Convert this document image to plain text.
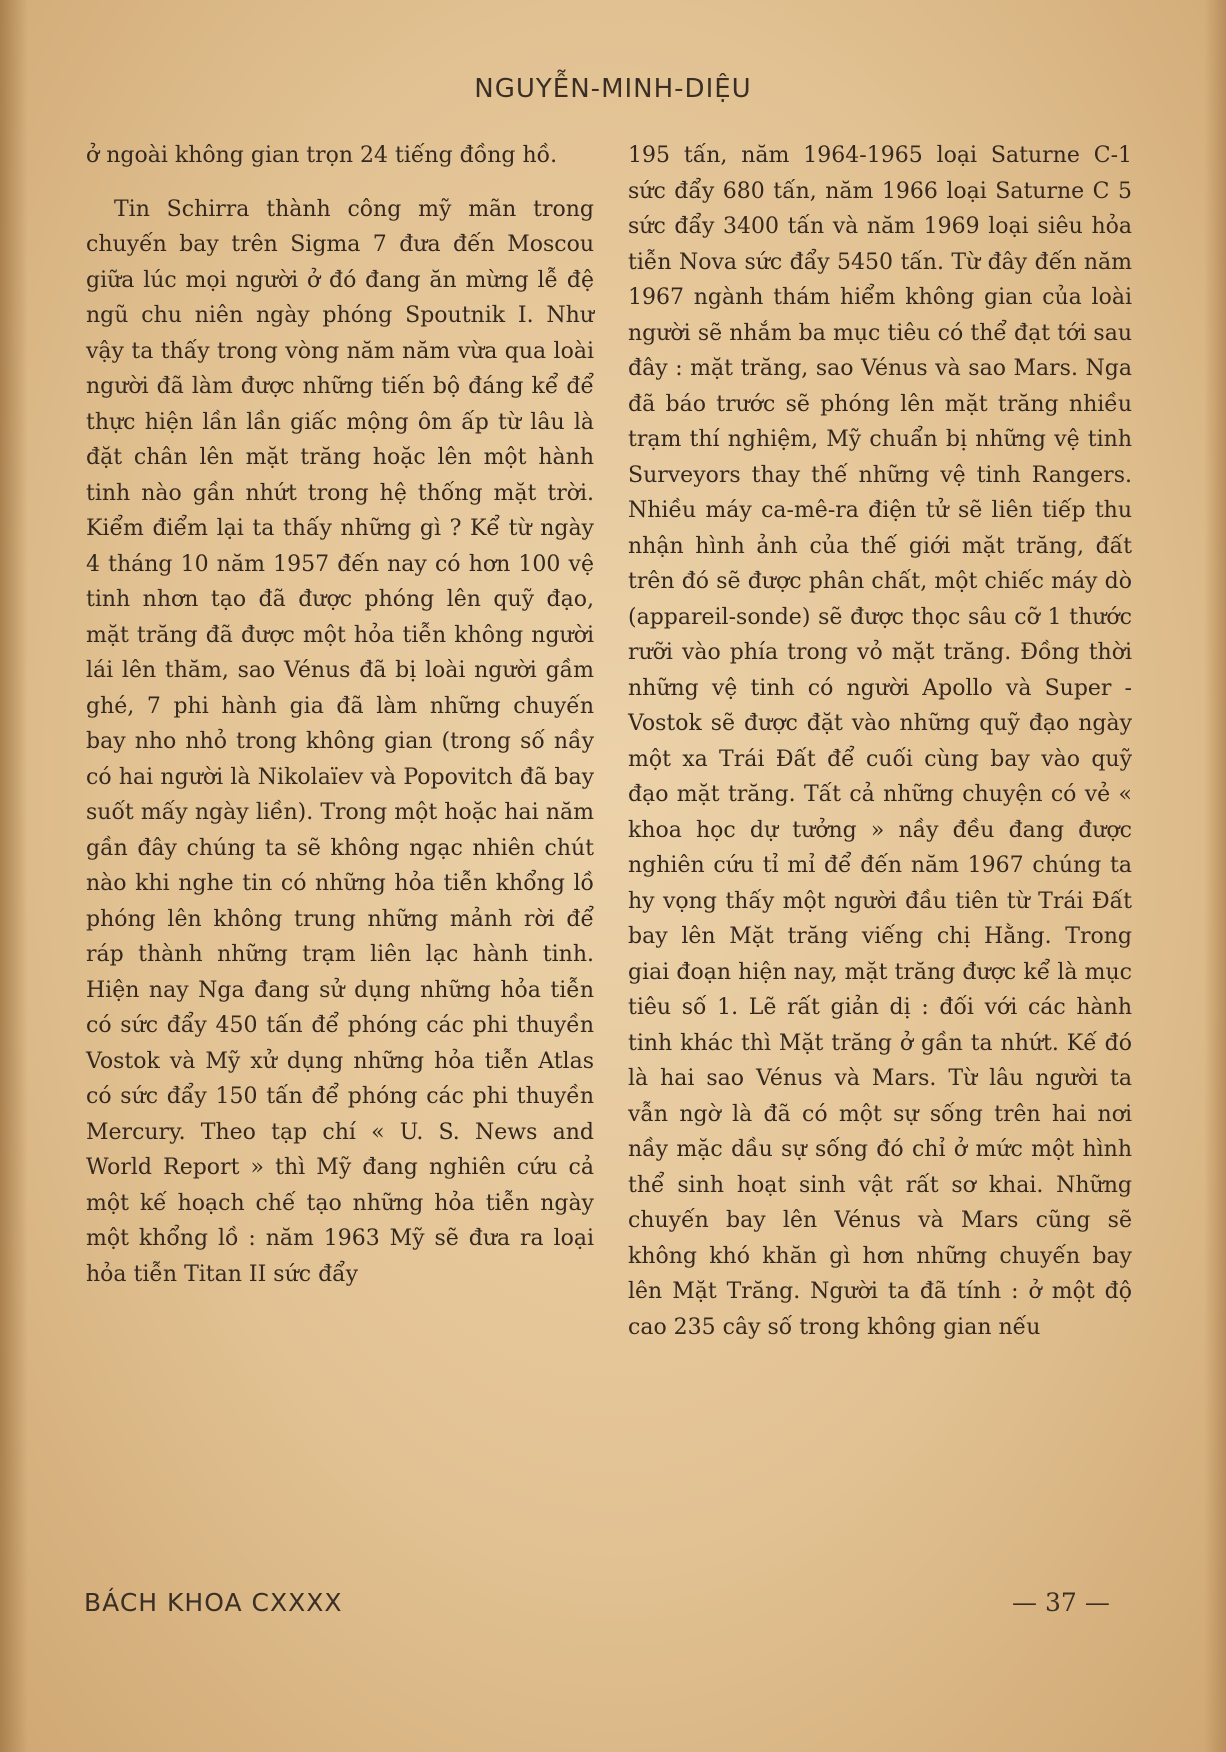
NGUYỄN-MINH-DIỆU

ở ngoài không gian trọn 24 tiếng đồng hồ.

Tin Schirra thành công mỹ mãn trong chuyến bay trên Sigma 7 đưa đến Moscou giữa lúc mọi người ở đó đang ăn mừng lễ đệ ngũ chu niên ngày phóng Spoutnik I. Như vậy ta thấy trong vòng năm năm vừa qua loài người đã làm được những tiến bộ đáng kể để thực hiện lần lần giấc mộng ôm ấp từ lâu là đặt chân lên mặt trăng hoặc lên một hành tinh nào gần nhứt trong hệ thống mặt trời. Kiểm điểm lại ta thấy những gì ? Kể từ ngày 4 tháng 10 năm 1957 đến nay có hơn 100 vệ tinh nhơn tạo đã được phóng lên quỹ đạo, mặt trăng đã được một hỏa tiễn không người lái lên thăm, sao Vénus đã bị loài người gầm ghé, 7 phi hành gia đã làm những chuyến bay nho nhỏ trong không gian (trong số nầy có hai người là Nikolaïev và Popovitch đã bay suốt mấy ngày liền). Trong một hoặc hai năm gần đây chúng ta sẽ không ngạc nhiên chút nào khi nghe tin có những hỏa tiễn khổng lồ phóng lên không trung những mảnh rời để ráp thành những trạm liên lạc hành tinh. Hiện nay Nga đang sử dụng những hỏa tiễn có sức đẩy 450 tấn để phóng các phi thuyền Vostok và Mỹ xử dụng những hỏa tiễn Atlas có sức đẩy 150 tấn để phóng các phi thuyền Mercury. Theo tạp chí « U. S. News and World Report » thì Mỹ đang nghiên cứu cả một kế hoạch chế tạo những hỏa tiễn ngày một khổng lồ : năm 1963 Mỹ sẽ đưa ra loại hỏa tiễn Titan II sức đẩy

195 tấn, năm 1964-1965 loại Saturne C-1 sức đẩy 680 tấn, năm 1966 loại Saturne C 5 sức đẩy 3400 tấn và năm 1969 loại siêu hỏa tiễn Nova sức đẩy 5450 tấn. Từ đây đến năm 1967 ngành thám hiểm không gian của loài người sẽ nhắm ba mục tiêu có thể đạt tới sau đây : mặt trăng, sao Vénus và sao Mars. Nga đã báo trước sẽ phóng lên mặt trăng nhiều trạm thí nghiệm, Mỹ chuẩn bị những vệ tinh Surveyors thay thế những vệ tinh Rangers. Nhiều máy ca-mê-ra điện tử sẽ liên tiếp thu nhận hình ảnh của thế giới mặt trăng, đất trên đó sẽ được phân chất, một chiếc máy dò (appareil-sonde) sẽ được thọc sâu cỡ 1 thước rưỡi vào phía trong vỏ mặt trăng. Đồng thời những vệ tinh có người Apollo và Super - Vostok sẽ được đặt vào những quỹ đạo ngày một xa Trái Đất để cuối cùng bay vào quỹ đạo mặt trăng. Tất cả những chuyện có vẻ « khoa học dự tưởng » nầy đều đang được nghiên cứu tỉ mỉ để đến năm 1967 chúng ta hy vọng thấy một người đầu tiên từ Trái Đất bay lên Mặt trăng viếng chị Hằng. Trong giai đoạn hiện nay, mặt trăng được kể là mục tiêu số 1. Lẽ rất giản dị : đối với các hành tinh khác thì Mặt trăng ở gần ta nhứt. Kế đó là hai sao Vénus và Mars. Từ lâu người ta vẫn ngờ là đã có một sự sống trên hai nơi nầy mặc dầu sự sống đó chỉ ở mức một hình thể sinh hoạt sinh vật rất sơ khai. Những chuyến bay lên Vénus và Mars cũng sẽ không khó khăn gì hơn những chuyến bay lên Mặt Trăng. Người ta đã tính : ở một độ cao 235 cây số trong không gian nếu

BÁCH KHOA CXXXX	— 37 —
